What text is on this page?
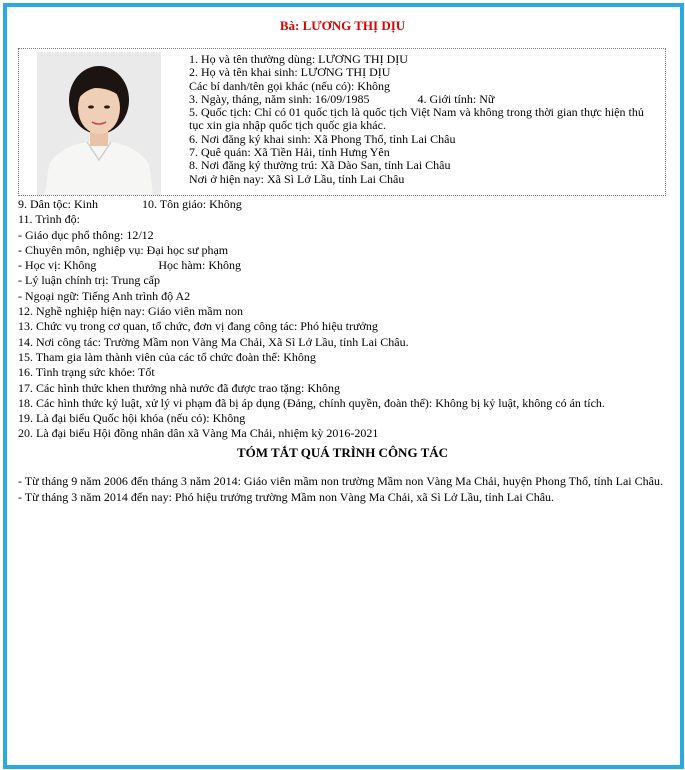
Bà: LƯƠNG THỊ DỊU
1. Họ và tên thường dùng: LƯƠNG THỊ DỊU
2. Họ và tên khai sinh: LƯƠNG THỊ DỊU
Các bí danh/tên gọi khác (nếu có): Không
3. Ngày, tháng, năm sinh: 16/09/1985	4. Giới tính: Nữ
5. Quốc tịch: Chỉ có 01 quốc tịch là quốc tịch Việt Nam và không trong thời gian thực hiện thủ tục xin gia nhập quốc tịch quốc gia khác.
6. Nơi đăng ký khai sinh: Xã Phong Thổ, tỉnh Lai Châu
7. Quê quán: Xã Tiền Hải, tỉnh Hưng Yên
8. Nơi đăng ký thường trú: Xã Dào San, tỉnh Lai Châu
Nơi ở hiện nay: Xã Sì Lở Lầu, tỉnh Lai Châu
9. Dân tộc: Kinh	10. Tôn giáo: Không
11. Trình độ:
- Giáo dục phổ thông: 12/12
- Chuyên môn, nghiệp vụ: Đại học sư phạm
- Học vị: Không	Học hàm: Không
- Lý luận chính trị: Trung cấp
- Ngoại ngữ: Tiếng Anh trình độ A2
12. Nghề nghiệp hiện nay: Giáo viên mầm non
13. Chức vụ trong cơ quan, tổ chức, đơn vị đang công tác: Phó hiệu trưởng
14. Nơi công tác: Trường Mầm non Vàng Ma Chải, Xã Sì Lở Lầu, tỉnh Lai Châu.
15. Tham gia làm thành viên của các tổ chức đoàn thể: Không
16. Tình trạng sức khỏe: Tốt
17. Các hình thức khen thưởng nhà nước đã được trao tặng: Không
18. Các hình thức kỷ luật, xử lý vi phạm đã bị áp dụng (Đảng, chính quyền, đoàn thể): Không bị kỷ luật, không có án tích.
19. Là đại biểu Quốc hội khóa (nếu có): Không
20. Là đại biểu Hội đồng nhân dân xã Vàng Ma Chải, nhiệm kỳ 2016-2021
TÓM TẮT QUÁ TRÌNH CÔNG TÁC
- Từ tháng 9 năm 2006 đến tháng 3 năm 2014: Giáo viên mầm non trường Mầm non Vàng Ma Chải, huyện Phong Thổ, tỉnh Lai Châu.
- Từ tháng 3 năm 2014 đến nay: Phó hiệu trưởng trường Mầm non Vàng Ma Chải, xã Sì Lở Lầu, tỉnh Lai Châu.
